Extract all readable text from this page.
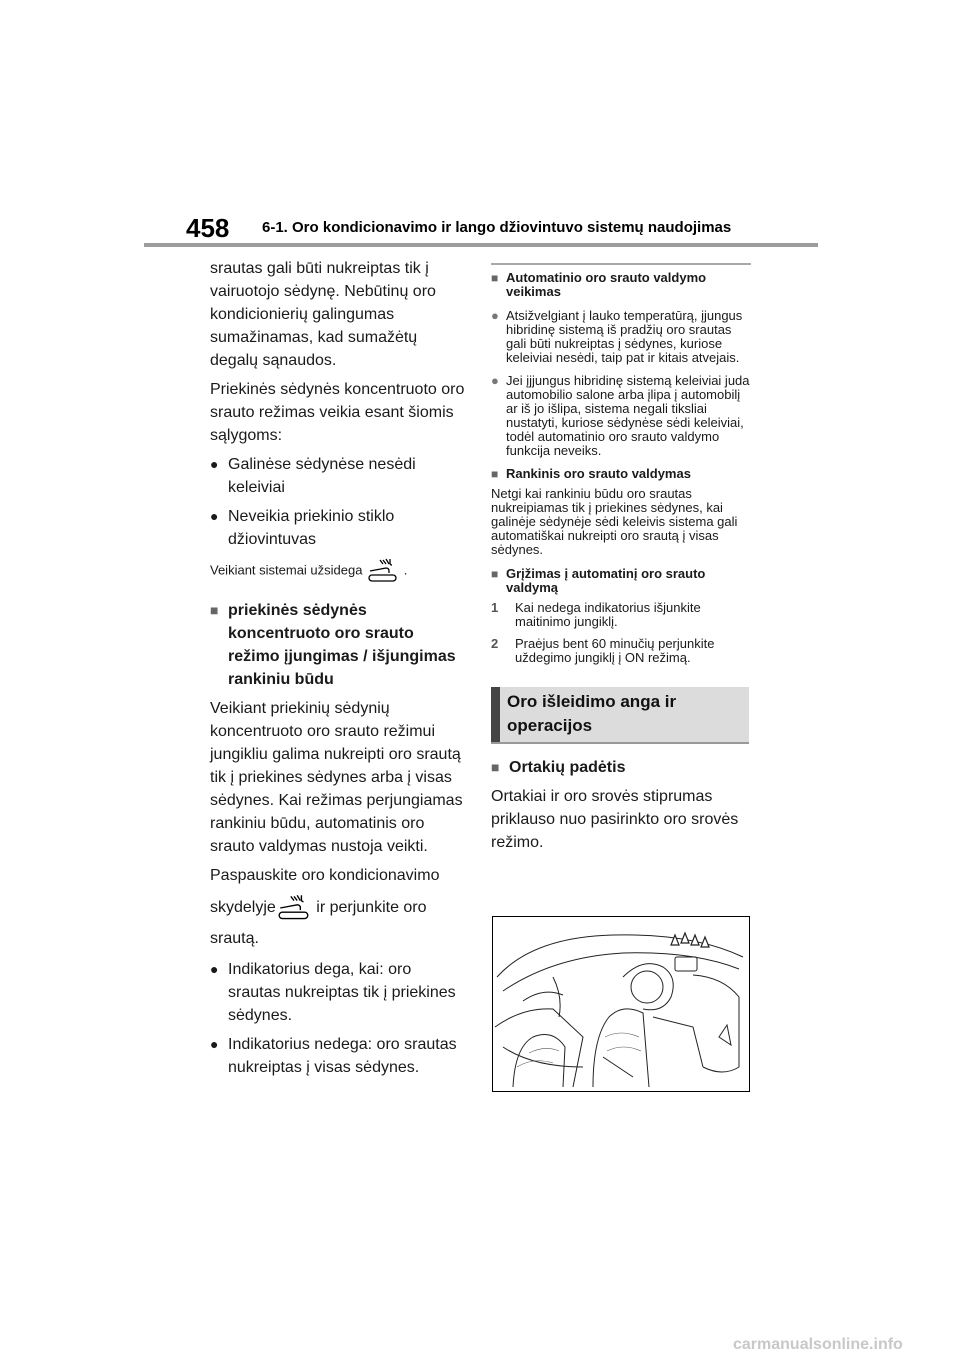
458 6-1. Oro kondicionavimo ir lango džiovintuvo sistemų naudojimas

srautas gali būti nukreiptas tik į vairuotojo sėdynę. Nebūtinų oro kondicionierių galingumas sumažinamas, kad sumažėtų degalų sąnaudos.

Priekinės sėdynės koncentruoto oro srauto režimas veikia esant šiomis sąlygoms:

● Galinėse sėdynėse nesėdi keleiviai
● Neveikia priekinio stiklo džiovintuvas
Veikiant sistemai užsidega	.
■ priekinės sėdynės koncentruoto oro srauto režimo įjungimas / išjungimas rankiniu būdu

Veikiant priekinių sėdynių koncentruoto oro srauto režimui jungikliu galima nukreipti oro srautą tik į priekines sėdynes arba į visas sėdynes. Kai režimas perjungiamas rankiniu būdu, automatinis oro srauto valdymas nustoja veikti.

Paspauskite oro kondicionavimo

skydelyje ir perjunkite oro

srautą.

● Indikatorius dega, kai: oro srautas nukreiptas tik į priekines sėdynes.
● Indikatorius nedega: oro srautas nukreiptas į visas sėdynes.
■ Automatinio oro srauto valdymo veikimas
● Atsižvelgiant į lauko temperatūrą, įjungus hibridinę sistemą iš pradžių oro srautas gali būti nukreiptas į sėdynes, kuriose keleiviai nesėdi, taip pat ir kitais atvejais.
● Jei įjjungus hibridinę sistemą keleiviai juda automobilio salone arba įlipa į automobilį ar iš jo išlipa, sistema negali tiksliai nustatyti, kuriose sėdynėse sėdi keleiviai, todėl automatinio oro srauto valdymo funkcija neveiks.
■ Rankinis oro srauto valdymas

Netgi kai rankiniu būdu oro srautas nukreipiamas tik į priekines sėdynes, kai galinėje sėdynėje sėdi keleivis sistema gali automatiškai nukreipti oro srautą į visas sėdynes.

■ Grįžimas į automatinį oro srauto valdymą
1	Kai nedega indikatorius išjunkite maitinimo jungiklį.
2	Praėjus bent 60 minučių perjunkite uždegimo jungiklį į ON režimą.
Oro išleidimo anga ir operacijos
■ Ortakių padėtis

Ortakiai ir oro srovės stiprumas priklauso nuo pasirinkto oro srovės režimo.

carmanualsonline.info
